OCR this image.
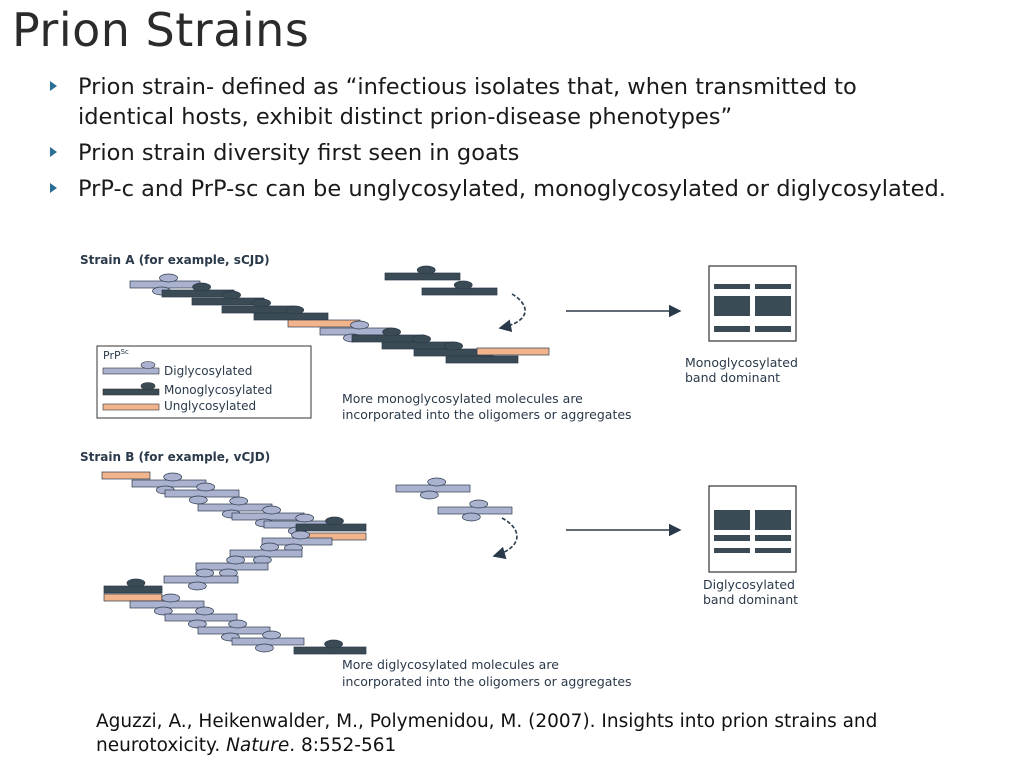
Prion Strains
Prion strain- defined as “infectious isolates that, when transmitted to identical hosts, exhibit distinct prion-disease phenotypes”
Prion strain diversity first seen in goats
PrP-c and PrP-sc can be unglycosylated, monoglycosylated or diglycosylated.
Strain A (for example, sCJD)
Strain B (for example, vCJD)
Monoglycosylated
band dominant
Diglycosylated
band dominant
PrP$^{Sc}$
Diglycosylated
Monoglycosylated
Unglycosylated	More monoglycosylated molecules are
incorporated into the oligomers or aggregates
More diglycosylated molecules are
incorporated into the oligomers or aggregates
Aguzzi, A., Heikenwalder, M., Polymenidou, M. (2007). Insights into prion strains and neurotoxicity. Nature. 8:552-561
